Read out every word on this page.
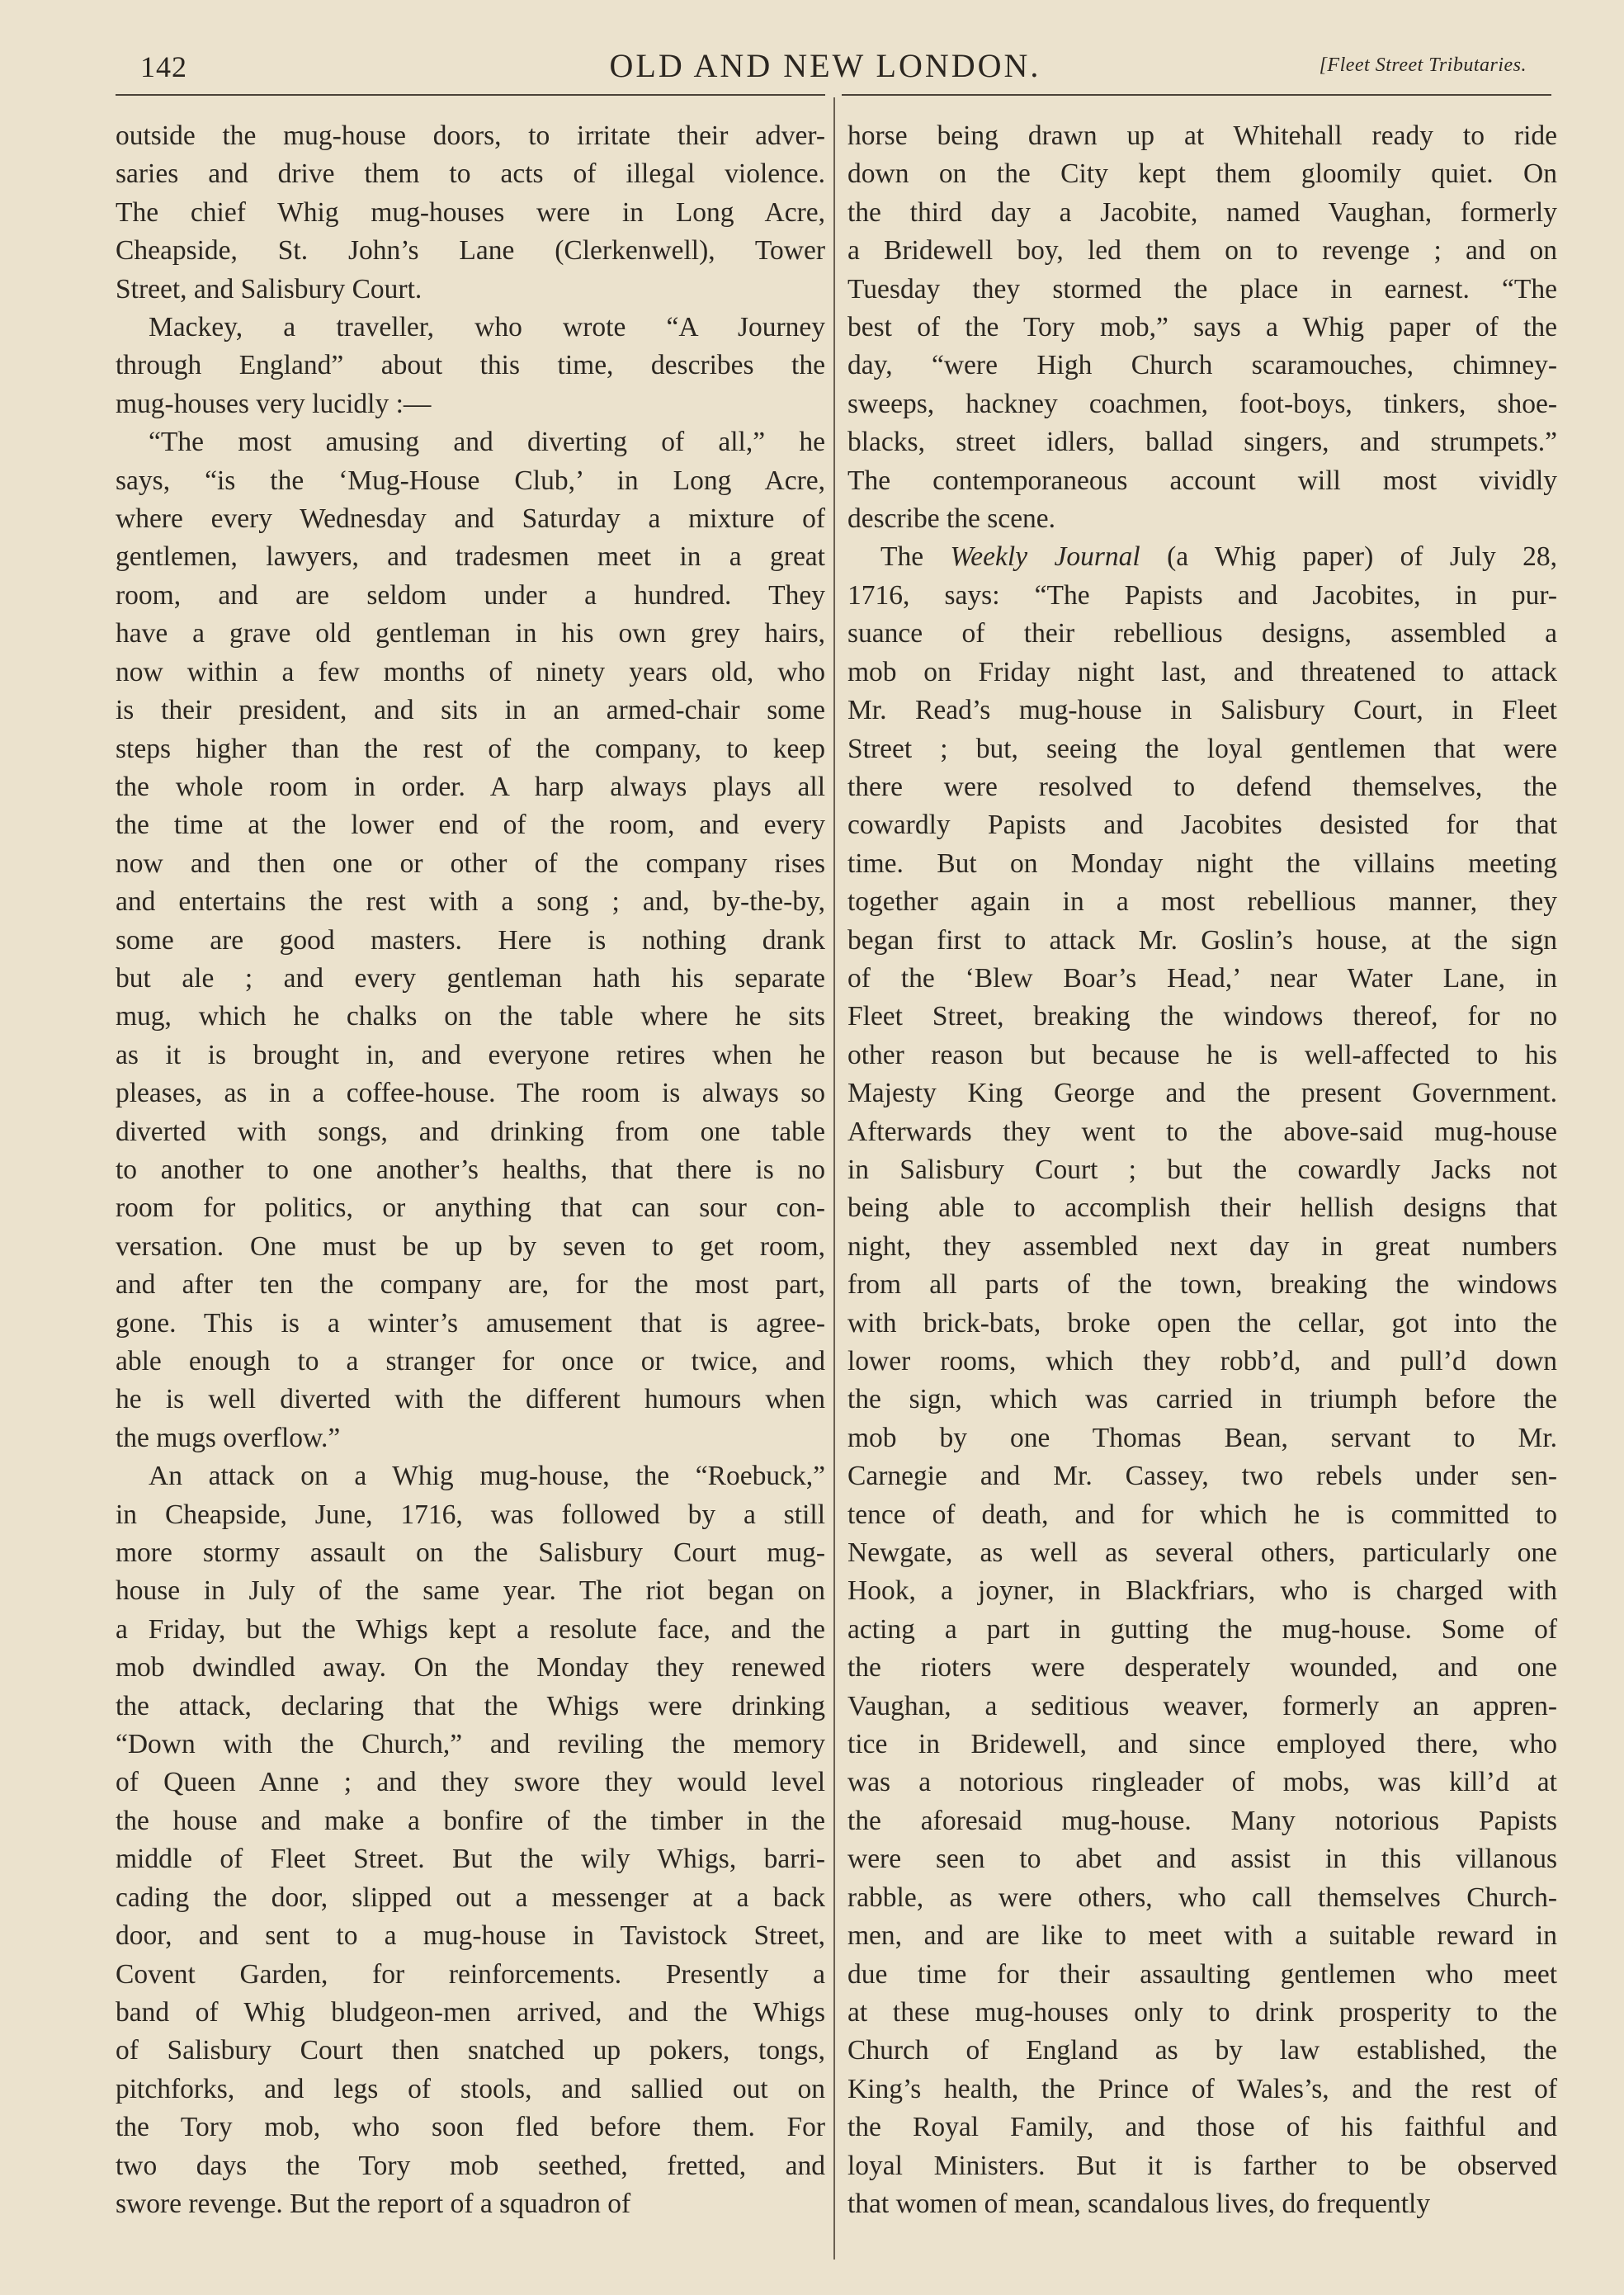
142	OLD AND NEW LONDON.	[Fleet Street Tributaries.

outside the mug-house doors, to irritate their adver-
saries and drive them to acts of illegal violence.
The chief Whig mug-houses were in Long Acre,
Cheapside, St. John’s Lane (Clerkenwell), Tower
Street, and Salisbury Court.

Mackey, a traveller, who wrote “A Journey
through England” about this time, describes the
mug-houses very lucidly :—

“The most amusing and diverting of all,” he
says, “is the ‘Mug-House Club,’ in Long Acre,
where every Wednesday and Saturday a mixture of
gentlemen, lawyers, and tradesmen meet in a great
room, and are seldom under a hundred. They
have a grave old gentleman in his own grey hairs,
now within a few months of ninety years old, who
is their president, and sits in an armed-chair some
steps higher than the rest of the company, to keep
the whole room in order. A harp always plays all
the time at the lower end of the room, and every
now and then one or other of the company rises
and entertains the rest with a song ; and, by-the-by,
some are good masters. Here is nothing drank
but ale ; and every gentleman hath his separate
mug, which he chalks on the table where he sits
as it is brought in, and everyone retires when he
pleases, as in a coffee-house. The room is always so
diverted with songs, and drinking from one table
to another to one another’s healths, that there is no
room for politics, or anything that can sour con-
versation. One must be up by seven to get room,
and after ten the company are, for the most part,
gone. This is a winter’s amusement that is agree-
able enough to a stranger for once or twice, and
he is well diverted with the different humours when
the mugs overflow.”

An attack on a Whig mug-house, the “Roebuck,”
in Cheapside, June, 1716, was followed by a still
more stormy assault on the Salisbury Court mug-
house in July of the same year. The riot began on
a Friday, but the Whigs kept a resolute face, and the
mob dwindled away. On the Monday they renewed
the attack, declaring that the Whigs were drinking
“Down with the Church,” and reviling the memory
of Queen Anne ; and they swore they would level
the house and make a bonfire of the timber in the
middle of Fleet Street. But the wily Whigs, barri-
cading the door, slipped out a messenger at a back
door, and sent to a mug-house in Tavistock Street,
Covent Garden, for reinforcements. Presently a
band of Whig bludgeon-men arrived, and the Whigs
of Salisbury Court then snatched up pokers, tongs,
pitchforks, and legs of stools, and sallied out on
the Tory mob, who soon fled before them. For
two days the Tory mob seethed, fretted, and
swore revenge. But the report of a squadron of

horse being drawn up at Whitehall ready to ride
down on the City kept them gloomily quiet. On
the third day a Jacobite, named Vaughan, formerly
a Bridewell boy, led them on to revenge ; and on
Tuesday they stormed the place in earnest. “The
best of the Tory mob,” says a Whig paper of the
day, “were High Church scaramouches, chimney-
sweeps, hackney coachmen, foot-boys, tinkers, shoe-
blacks, street idlers, ballad singers, and strumpets.”
The contemporaneous account will most vividly
describe the scene.

The Weekly Journal (a Whig paper) of July 28,
1716, says: “The Papists and Jacobites, in pur-
suance of their rebellious designs, assembled a
mob on Friday night last, and threatened to attack
Mr. Read’s mug-house in Salisbury Court, in Fleet
Street ; but, seeing the loyal gentlemen that were
there were resolved to defend themselves, the
cowardly Papists and Jacobites desisted for that
time. But on Monday night the villains meeting
together again in a most rebellious manner, they
began first to attack Mr. Goslin’s house, at the sign
of the ‘Blew Boar’s Head,’ near Water Lane, in
Fleet Street, breaking the windows thereof, for no
other reason but because he is well-affected to his
Majesty King George and the present Government.
Afterwards they went to the above-said mug-house
in Salisbury Court ; but the cowardly Jacks not
being able to accomplish their hellish designs that
night, they assembled next day in great numbers
from all parts of the town, breaking the windows
with brick-bats, broke open the cellar, got into the
lower rooms, which they robb’d, and pull’d down
the sign, which was carried in triumph before the
mob by one Thomas Bean, servant to Mr.
Carnegie and Mr. Cassey, two rebels under sen-
tence of death, and for which he is committed to
Newgate, as well as several others, particularly one
Hook, a joyner, in Blackfriars, who is charged with
acting a part in gutting the mug-house. Some of
the rioters were desperately wounded, and one
Vaughan, a seditious weaver, formerly an appren-
tice in Bridewell, and since employed there, who
was a notorious ringleader of mobs, was kill’d at
the aforesaid mug-house. Many notorious Papists
were seen to abet and assist in this villanous
rabble, as were others, who call themselves Church-
men, and are like to meet with a suitable reward in
due time for their assaulting gentlemen who meet
at these mug-houses only to drink prosperity to the
Church of England as by law established, the
King’s health, the Prince of Wales’s, and the rest of
the Royal Family, and those of his faithful and
loyal Ministers. But it is farther to be observed
that women of mean, scandalous lives, do frequently
